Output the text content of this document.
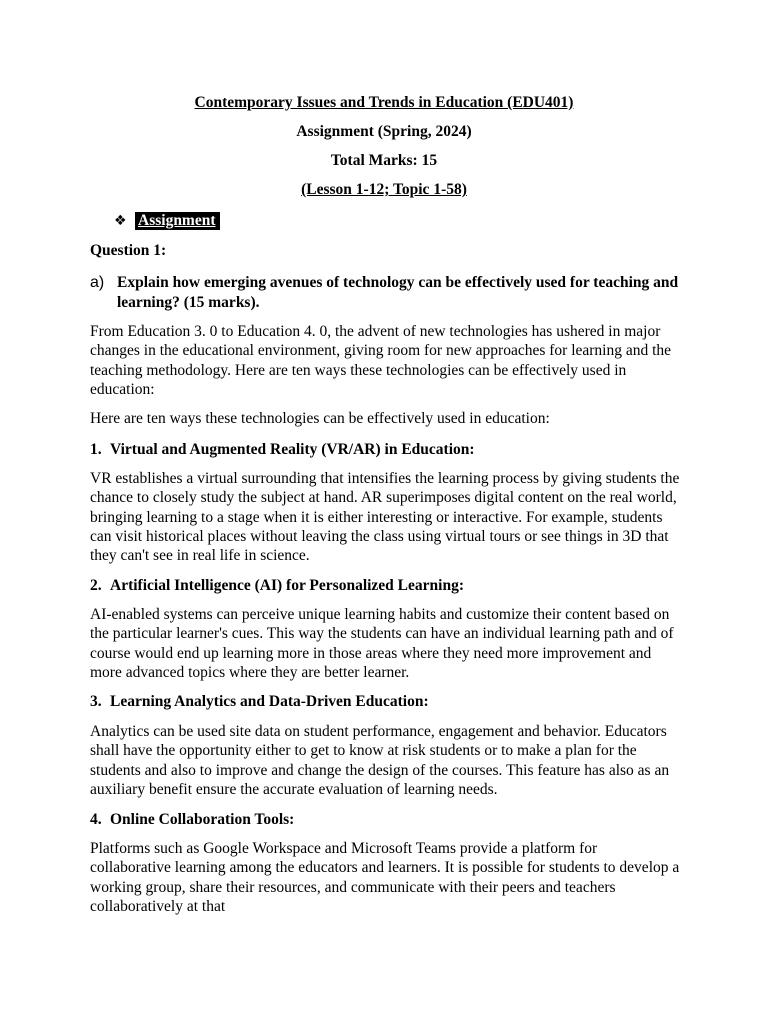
Contemporary Issues and Trends in Education (EDU401)
Assignment (Spring, 2024)
Total Marks: 15
(Lesson 1-12; Topic 1-58)
❖ Assignment
Question 1:
a) Explain how emerging avenues of technology can be effectively used for teaching and learning? (15 marks).
From Education 3. 0 to Education 4. 0, the advent of new technologies has ushered in major changes in the educational environment, giving room for new approaches for learning and the teaching methodology. Here are ten ways these technologies can be effectively used in education:
Here are ten ways these technologies can be effectively used in education:
1. Virtual and Augmented Reality (VR/AR) in Education:
VR establishes a virtual surrounding that intensifies the learning process by giving students the chance to closely study the subject at hand. AR superimposes digital content on the real world, bringing learning to a stage when it is either interesting or interactive. For example, students can visit historical places without leaving the class using virtual tours or see things in 3D that they can't see in real life in science.
2. Artificial Intelligence (AI) for Personalized Learning:
AI-enabled systems can perceive unique learning habits and customize their content based on the particular learner's cues. This way the students can have an individual learning path and of course would end up learning more in those areas where they need more improvement and more advanced topics where they are better learner.
3. Learning Analytics and Data-Driven Education:
Analytics can be used site data on student performance, engagement and behavior. Educators shall have the opportunity either to get to know at risk students or to make a plan for the students and also to improve and change the design of the courses. This feature has also as an auxiliary benefit ensure the accurate evaluation of learning needs.
4. Online Collaboration Tools:
Platforms such as Google Workspace and Microsoft Teams provide a platform for collaborative learning among the educators and learners. It is possible for students to develop a working group, share their resources, and communicate with their peers and teachers collaboratively at that
